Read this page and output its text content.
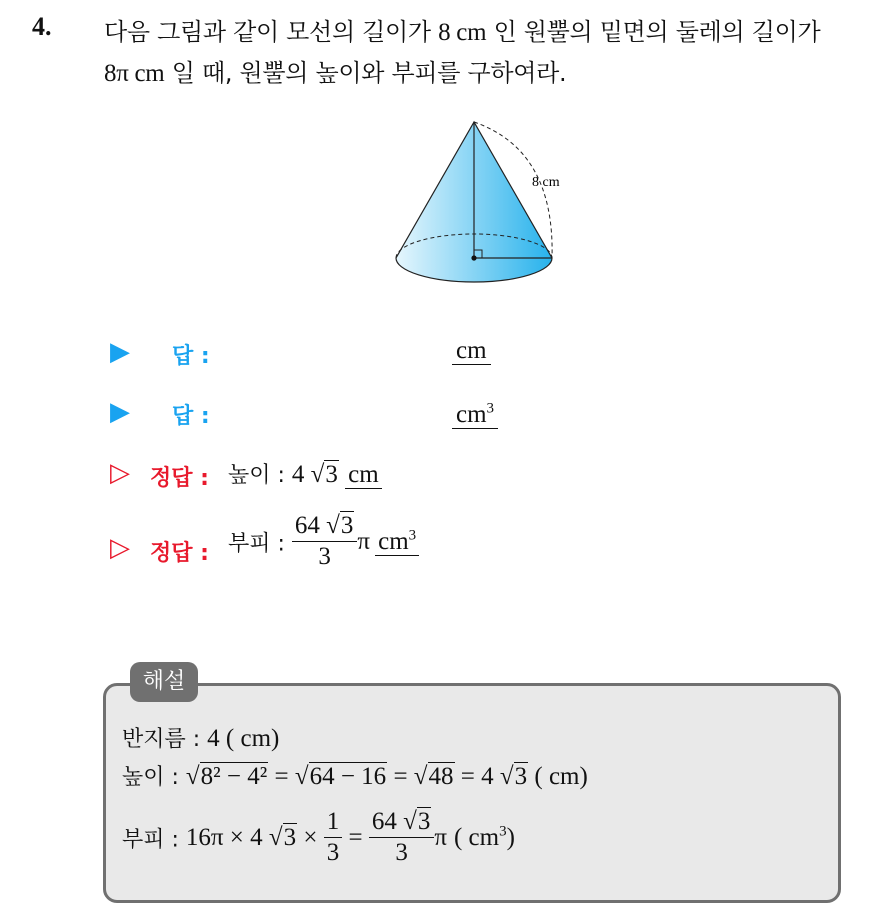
4. 다음 그림과 같이 모선의 길이가 8 cm 인 원뿔의 밑면의 둘레의 길이가
8π cm 일 때, 원뿔의 높이와 부피를 구하여라.
8 cm
▶ 답 :	cm
▶ 답 :	$cm^3$
▷ 정답 : 높이 : 4 √3 cm
▷ 정답 : 부피 : $\frac{64 √3}{3}$ π $cm^3$
해설
반지름 : 4 ( cm)
높이 : √8² − 4² = √64 − 16 = √48 = 4 √3 ( cm)
부피 : 16π × 4 $√3 \times \frac{1}{3} = \frac{64 √3}{3}$ π ( $cm^3$)
